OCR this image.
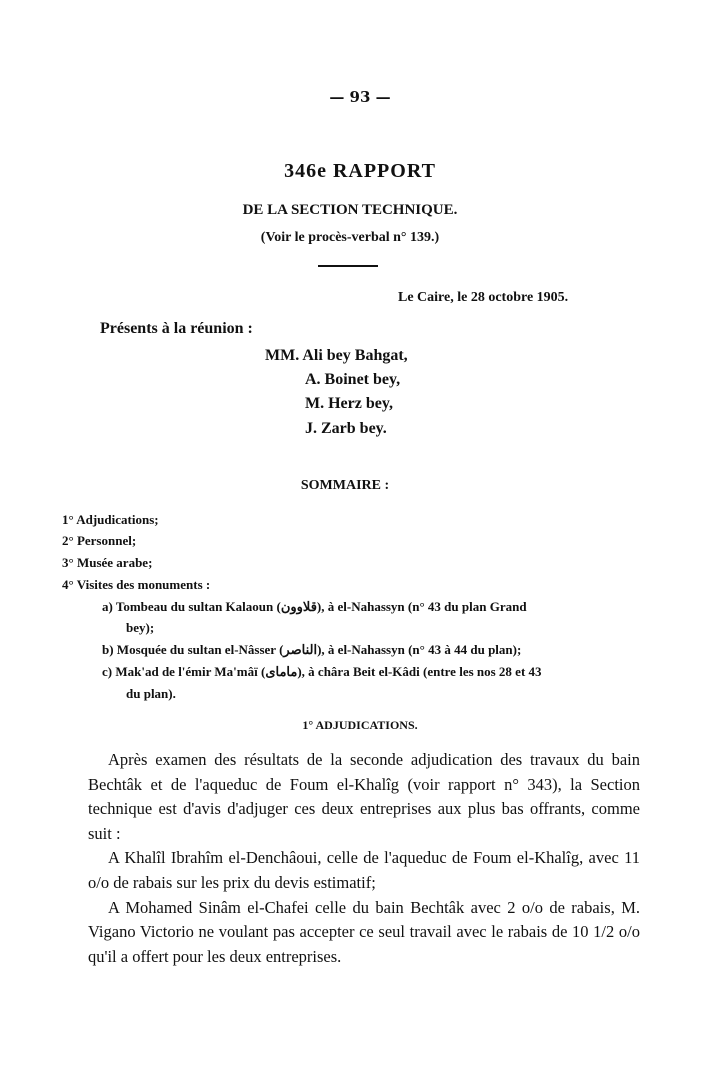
— 93 —
346e RAPPORT
DE LA SECTION TECHNIQUE.
(Voir le procès-verbal n° 139.)
Le Caire, le 28 octobre 1905.
Présents à la réunion :
MM. Ali bey Bahgat,
A. Boinet bey,
M. Herz bey,
J. Zarb bey.
SOMMAIRE :
1° Adjudications;
2° Personnel;
3° Musée arabe;
4° Visites des monuments :
a) Tombeau du sultan Kalaoun (قلاوون), à el-Nahassyn (n° 43 du plan Grand
bey);
b) Mosquée du sultan el-Nâsser (الناصر), à el-Nahassyn (n° 43 à 44 du plan);
c) Mak'ad de l'émir Ma'mâï (مامای), à châra Beit el-Kâdi (entre les nos 28 et 43
du plan).
1° ADJUDICATIONS.

Après examen des résultats de la seconde adjudication des travaux du bain Bechtâk et de l'aqueduc de Foum el-Khalîg (voir rapport n° 343), la Section technique est d'avis d'adjuger ces deux entreprises aux plus bas offrants, comme suit :

A Khalîl Ibrahîm el-Denchâoui, celle de l'aqueduc de Foum el-Khalîg, avec 11 o/o de rabais sur les prix du devis estimatif;

A Mohamed Sinâm el-Chafei celle du bain Bechtâk avec 2 o/o de rabais, M. Vigano Victorio ne voulant pas accepter ce seul travail avec le rabais de 10 1/2 o/o qu'il a offert pour les deux entreprises.
